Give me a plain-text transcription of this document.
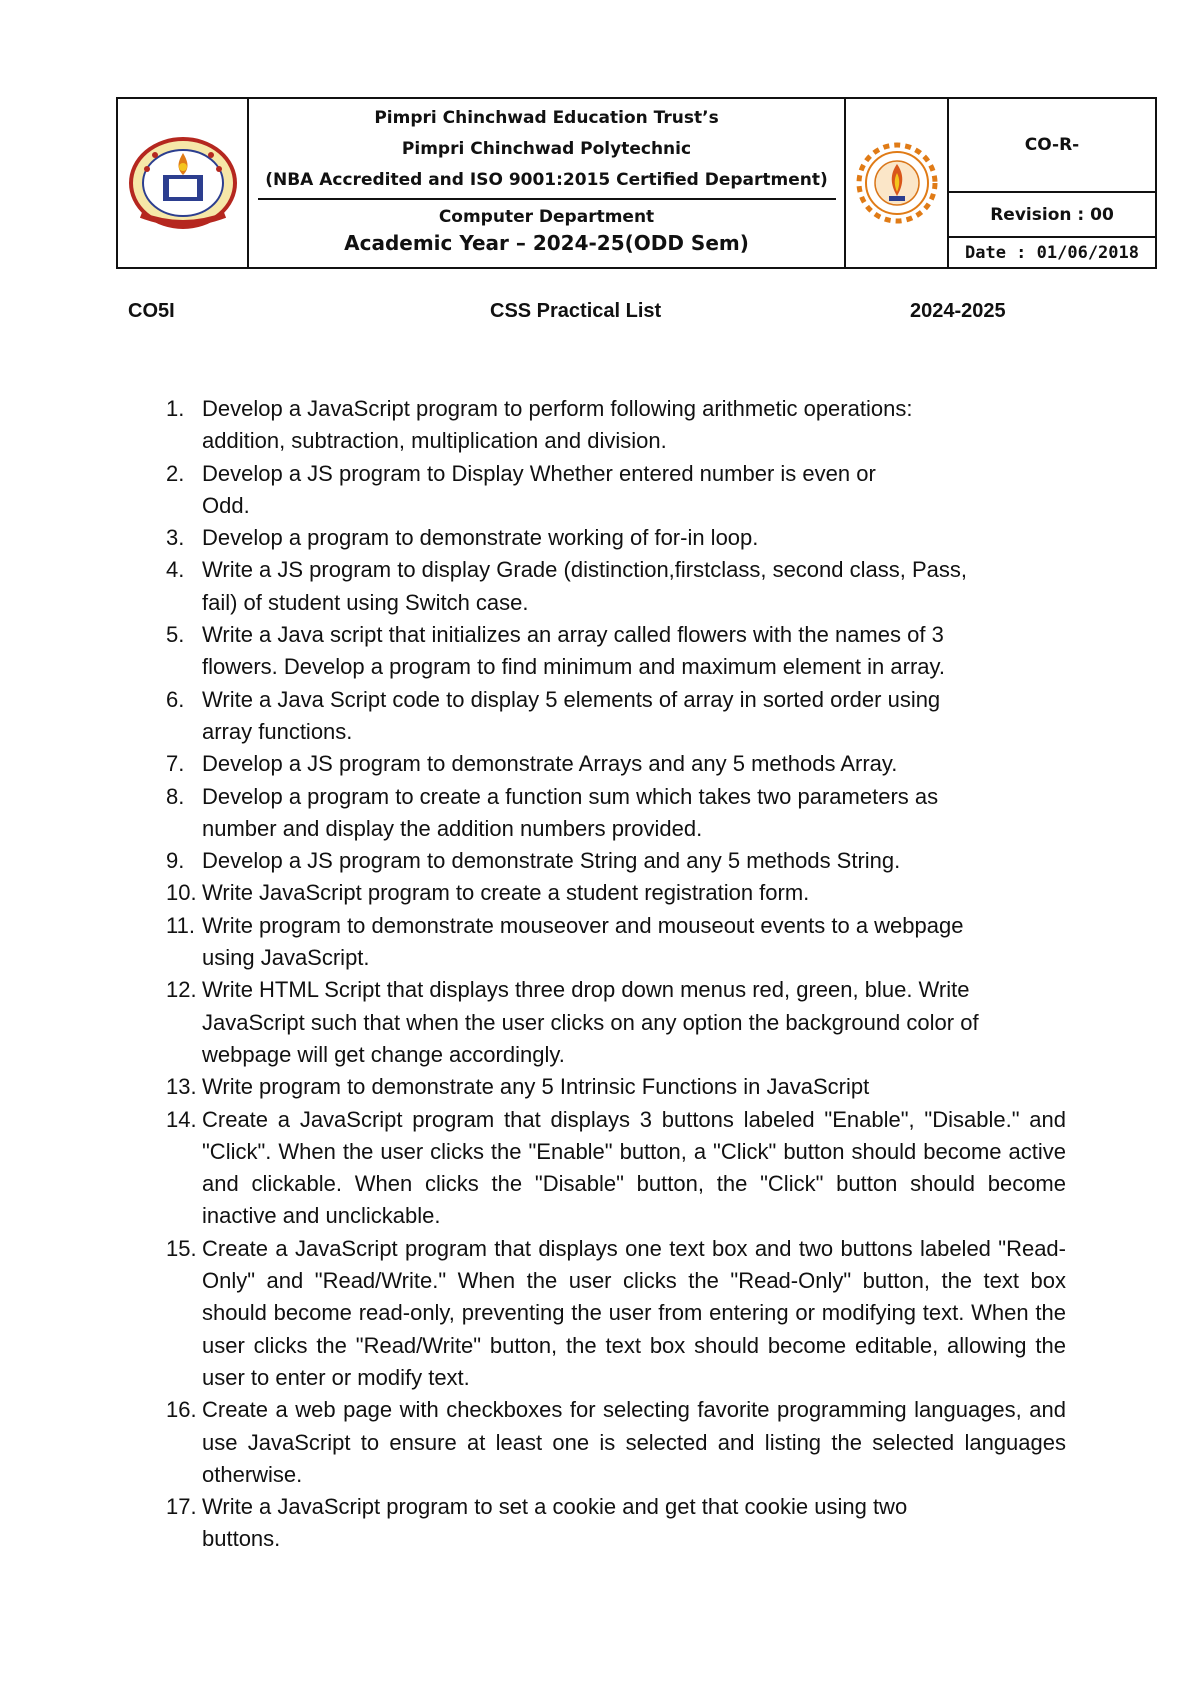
Pimpri Chinchwad Education Trust’s
Pimpri Chinchwad Polytechnic
(NBA Accredited and ISO 9001:2015 Certified Department)
Computer Department
Academic Year – 2024-25(ODD Sem)
CO-R-
Revision : 00
Date : 01/06/2018
CO5I	CSS Practical List	2024-2025
1. Develop a JavaScript program to perform following arithmetic operations:
addition, subtraction, multiplication and division.
2. Develop a JS program to Display Whether entered number is even or
Odd.
3. Develop a program to demonstrate working of for-in loop.
4. Write a JS program to display Grade (distinction,firstclass, second class, Pass,
fail) of student using Switch case.
5. Write a Java script that initializes an array called flowers with the names of 3
flowers. Develop a program to find minimum and maximum element in array.
6. Write a Java Script code to display 5 elements of array in sorted order using
array functions.
7. Develop a JS program to demonstrate Arrays and any 5 methods Array.
8. Develop a program to create a function sum which takes two parameters as
number and display the addition numbers provided.
9. Develop a JS program to demonstrate String and any 5 methods String.
10. Write JavaScript program to create a student registration form.
11. Write program to demonstrate mouseover and mouseout events to a webpage
using JavaScript.
12. Write HTML Script that displays three drop down menus red, green, blue. Write
JavaScript such that when the user clicks on any option the background color of
webpage will get change accordingly.
13. Write program to demonstrate any 5 Intrinsic Functions in JavaScript
14. Create a JavaScript program that displays 3 buttons labeled "Enable", "Disable." and "Click". When the user clicks the "Enable" button, a "Click" button should become active and clickable. When clicks the "Disable" button, the "Click" button should become inactive and unclickable.
15. Create a JavaScript program that displays one text box and two buttons labeled "Read-Only" and "Read/Write." When the user clicks the "Read-Only" button, the text box should become read-only, preventing the user from entering or modifying text. When the user clicks the "Read/Write" button, the text box should become editable, allowing the user to enter or modify text.
16. Create a web page with checkboxes for selecting favorite programming languages, and use JavaScript to ensure at least one is selected and listing the selected languages otherwise.
17. Write a JavaScript program to set a cookie and get that cookie using two
buttons.
